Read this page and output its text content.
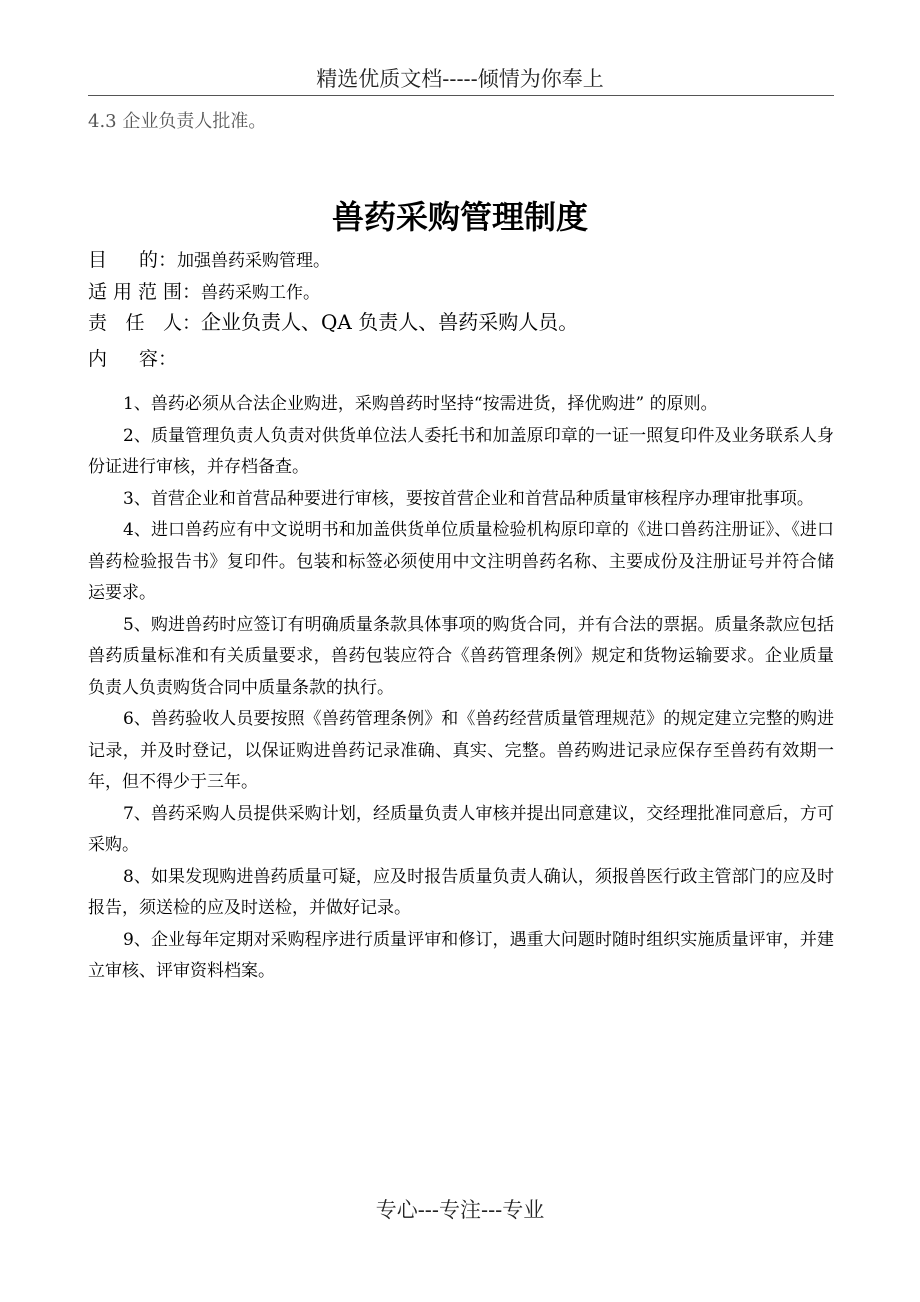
精选优质文档-----倾情为你奉上
4.3 企业负责人批准。
兽药采购管理制度
目的：加强兽药采购管理。
适用范围：兽药采购工作。
责任人：企业负责人、QA 负责人、兽药采购人员。
内容：

1、兽药必须从合法企业购进，采购兽药时坚持“按需进货，择优购进” 的原则。

2、质量管理负责人负责对供货单位法人委托书和加盖原印章的一证一照复印件及业务联系人身份证进行审核，并存档备查。

3、首营企业和首营品种要进行审核，要按首营企业和首营品种质量审核程序办理审批事项。

4、进口兽药应有中文说明书和加盖供货单位质量检验机构原印章的《进口兽药注册证》、《进口兽药检验报告书》复印件。包装和标签必须使用中文注明兽药名称、主要成份及注册证号并符合储运要求。

5、购进兽药时应签订有明确质量条款具体事项的购货合同，并有合法的票据。质量条款应包括兽药质量标准和有关质量要求，兽药包装应符合《兽药管理条例》规定和货物运输要求。企业质量负责人负责购货合同中质量条款的执行。

6、兽药验收人员要按照《兽药管理条例》和《兽药经营质量管理规范》的规定建立完整的购进记录，并及时登记，以保证购进兽药记录准确、真实、完整。兽药购进记录应保存至兽药有效期一年，但不得少于三年。

7、兽药采购人员提供采购计划，经质量负责人审核并提出同意建议，交经理批准同意后，方可采购。

8、如果发现购进兽药质量可疑，应及时报告质量负责人确认，须报兽医行政主管部门的应及时报告，须送检的应及时送检，并做好记录。

9、企业每年定期对采购程序进行质量评审和修订，遇重大问题时随时组织实施质量评审，并建立审核、评审资料档案。

专心---专注---专业
